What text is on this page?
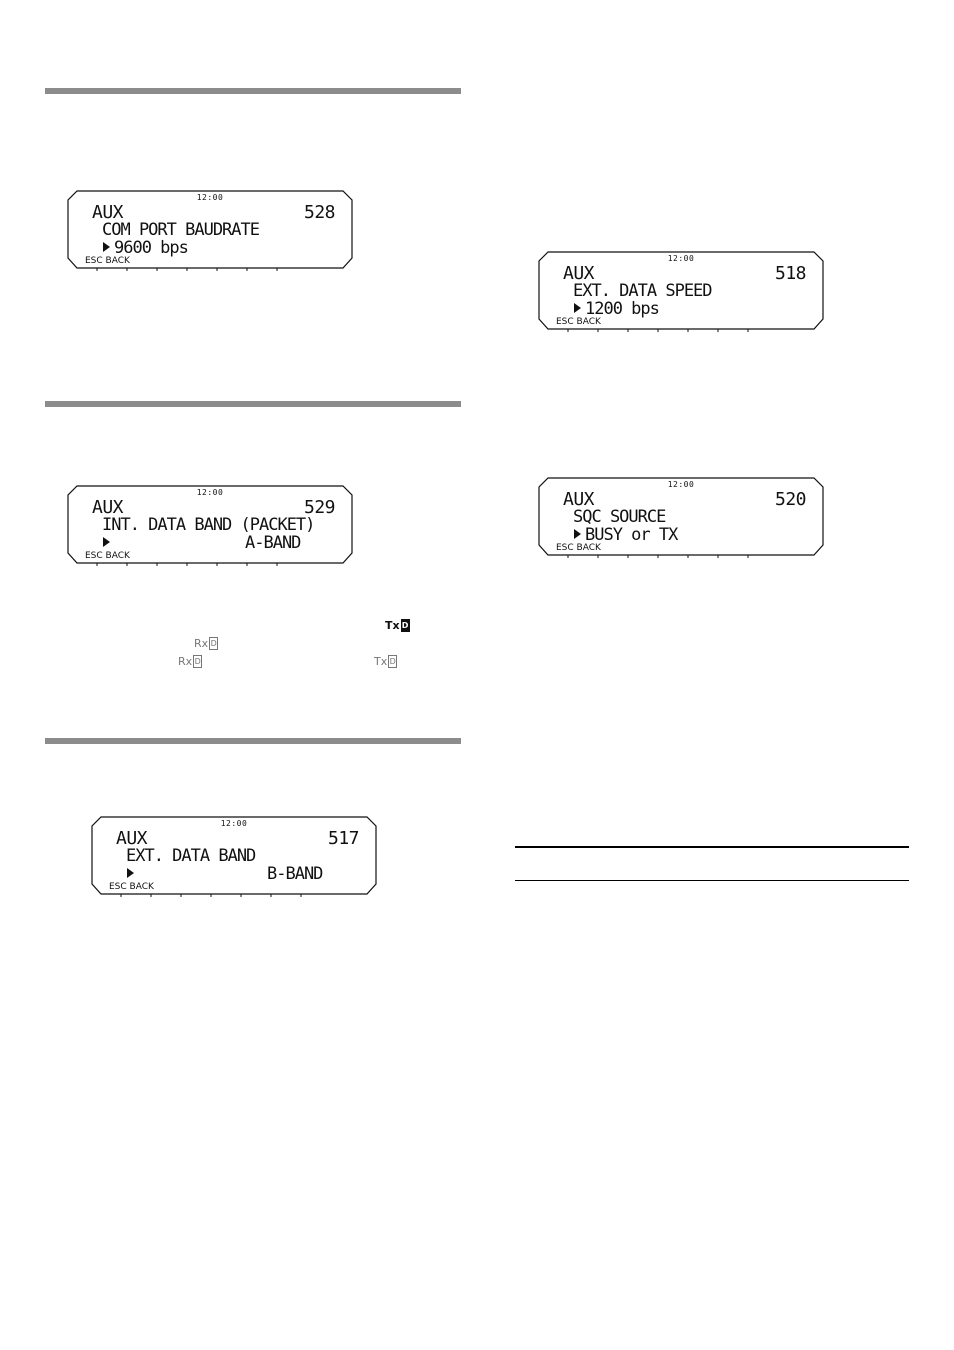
12:00
AUX	528
COM PORT BAUDRATE
9600 bps
ESC BACK
12:00
AUX	529
INT. DATA BAND (PACKET)
A-BAND
ESC BACK
Tx D
Rx D
Rx D	Tx D
12:00
AUX	517
EXT. DATA BAND
B-BAND
ESC BACK
12:00
AUX	518
EXT. DATA SPEED
1200 bps
ESC BACK
12:00
AUX	520
SQC SOURCE
BUSY or TX
ESC BACK
